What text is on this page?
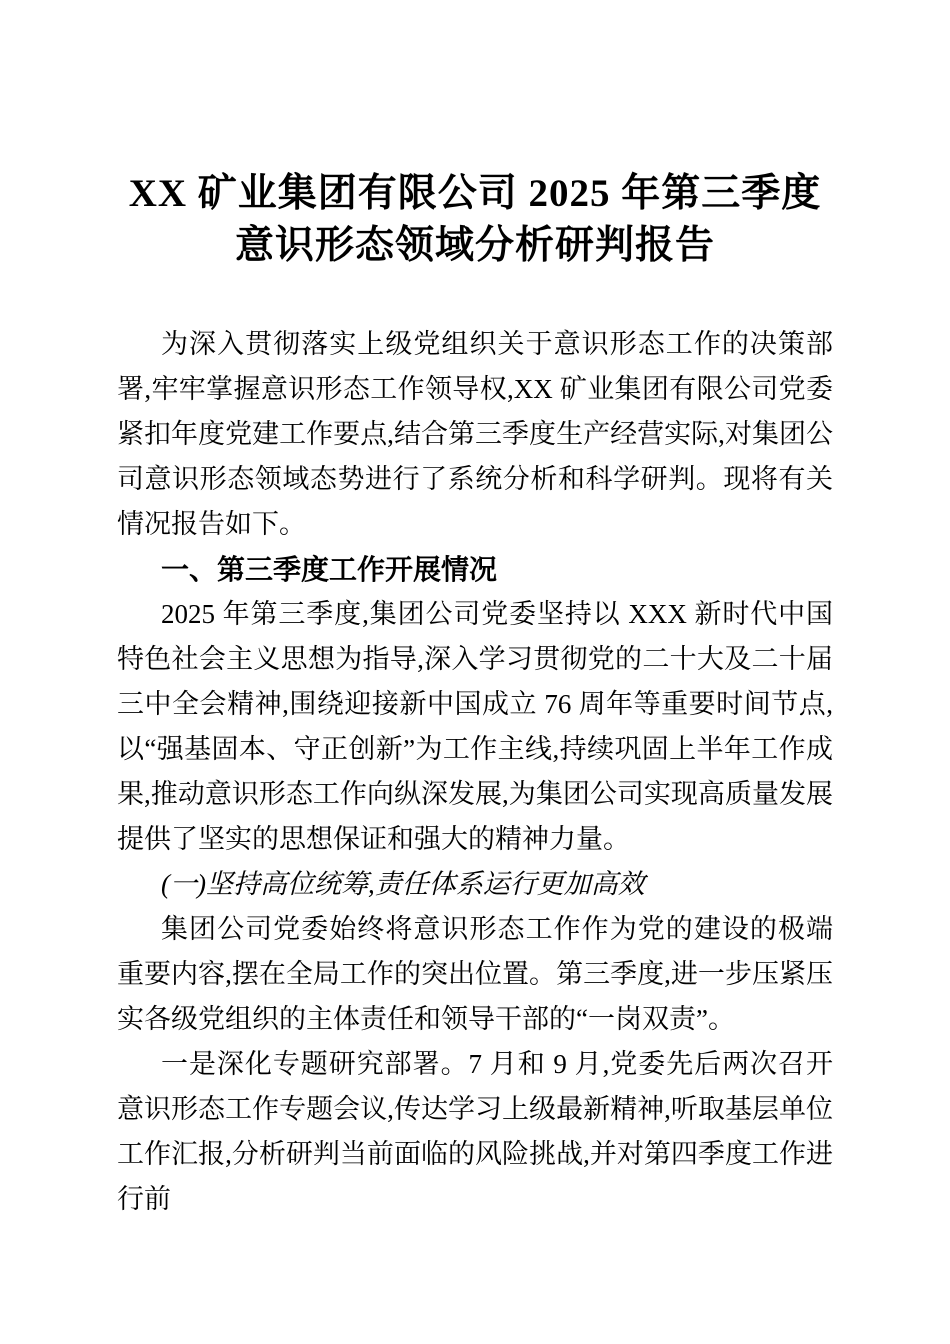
XX 矿业集团有限公司 2025 年第三季度
意识形态领域分析研判报告

为深入贯彻落实上级党组织关于意识形态工作的决策部署,牢牢掌握意识形态工作领导权,XX 矿业集团有限公司党委紧扣年度党建工作要点,结合第三季度生产经营实际,对集团公司意识形态领域态势进行了系统分析和科学研判。现将有关情况报告如下。

一、第三季度工作开展情况

2025 年第三季度,集团公司党委坚持以 XXX 新时代中国特色社会主义思想为指导,深入学习贯彻党的二十大及二十届三中全会精神,围绕迎接新中国成立 76 周年等重要时间节点,以“强基固本、守正创新”为工作主线,持续巩固上半年工作成果,推动意识形态工作向纵深发展,为集团公司实现高质量发展提供了坚实的思想保证和强大的精神力量。

(一)坚持高位统筹,责任体系运行更加高效

集团公司党委始终将意识形态工作作为党的建设的极端重要内容,摆在全局工作的突出位置。第三季度,进一步压紧压实各级党组织的主体责任和领导干部的“一岗双责”。

一是深化专题研究部署。7 月和 9 月,党委先后两次召开意识形态工作专题会议,传达学习上级最新精神,听取基层单位工作汇报,分析研判当前面临的风险挑战,并对第四季度工作进行前
